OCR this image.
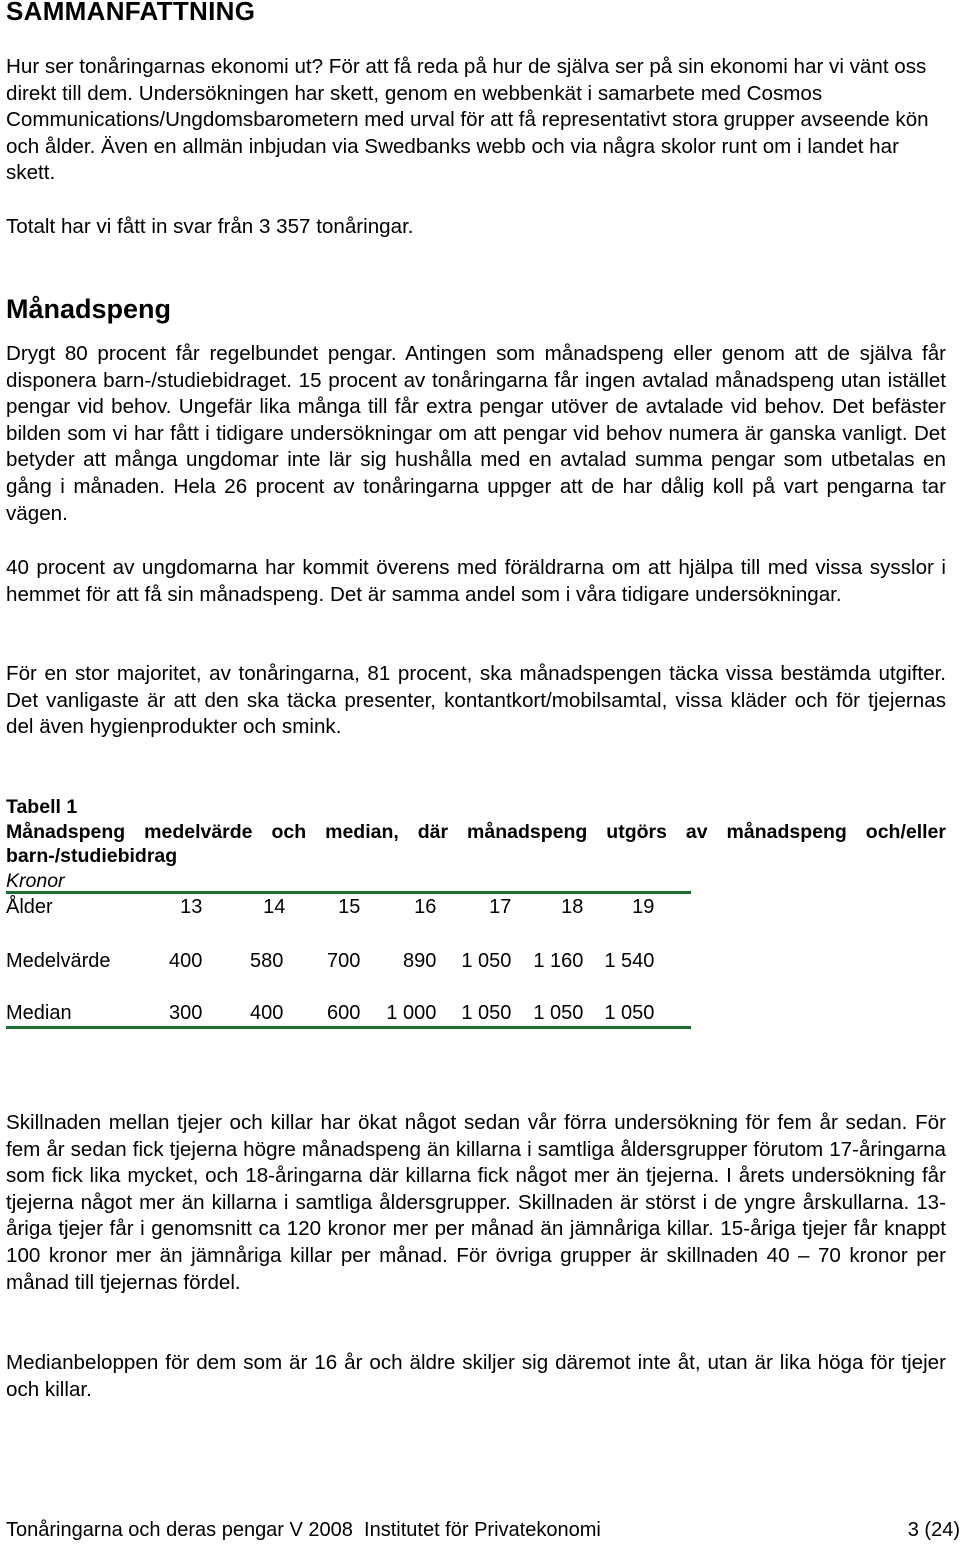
SAMMANFATTNING

Hur ser tonåringarnas ekonomi ut? För att få reda på hur de själva ser på sin ekonomi har vi vänt oss direkt till dem. Undersökningen har skett, genom en webbenkät i samarbete med Cosmos Communications/Ungdomsbarometern med urval för att få representativt stora grupper avseende kön och ålder. Även en allmän inbjudan via Swedbanks webb och via några skolor runt om i landet har skett.

Totalt har vi fått in svar från 3 357 tonåringar.

Månadspeng

Drygt 80 procent får regelbundet pengar. Antingen som månadspeng eller genom att de själva får disponera barn-/studiebidraget. 15 procent av tonåringarna får ingen avtalad månadspeng utan istället pengar vid behov. Ungefär lika många till får extra pengar utöver de avtalade vid behov. Det befäster bilden som vi har fått i tidigare undersökningar om att pengar vid behov numera är ganska vanligt. Det betyder att många ungdomar inte lär sig hushålla med en avtalad summa pengar som utbetalas en gång i månaden. Hela 26 procent av tonåringarna uppger att de har dålig koll på vart pengarna tar vägen.

40 procent av ungdomarna har kommit överens med föräldrarna om att hjälpa till med vissa sysslor i hemmet för att få sin månadspeng. Det är samma andel som i våra tidigare undersökningar.

För en stor majoritet, av tonåringarna, 81 procent, ska månadspengen täcka vissa bestämda utgifter. Det vanligaste är att den ska täcka presenter, kontantkort/mobilsamtal, vissa kläder och för tjejernas del även hygienprodukter och smink.

Tabell 1
Månadspeng medelvärde och median, där månadspeng utgörs av månadspeng och/eller barn-/studiebidrag
Kronor
Ålder	13	14	15	16	17	18	19
Medelvärde	400	580	700	890	1 050	1 160	1 540
Median	300	400	600	1 000	1 050	1 050	1 050

Skillnaden mellan tjejer och killar har ökat något sedan vår förra undersökning för fem år sedan. För fem år sedan fick tjejerna högre månadspeng än killarna i samtliga åldersgrupper förutom 17-åringarna som fick lika mycket, och 18-åringarna där killarna fick något mer än tjejerna. I årets undersökning får tjejerna något mer än killarna i samtliga åldersgrupper. Skillnaden är störst i de yngre årskullarna. 13-åriga tjejer får i genomsnitt ca 120 kronor mer per månad än jämnåriga killar. 15-åriga tjejer får knappt 100 kronor mer än jämnåriga killar per månad. För övriga grupper är skillnaden 40 – 70 kronor per månad till tjejernas fördel.

Medianbeloppen för dem som är 16 år och äldre skiljer sig däremot inte åt, utan är lika höga för tjejer och killar.

Tonåringarna och deras pengar V 2008  Institutet för Privatekonomi	3 (24)
